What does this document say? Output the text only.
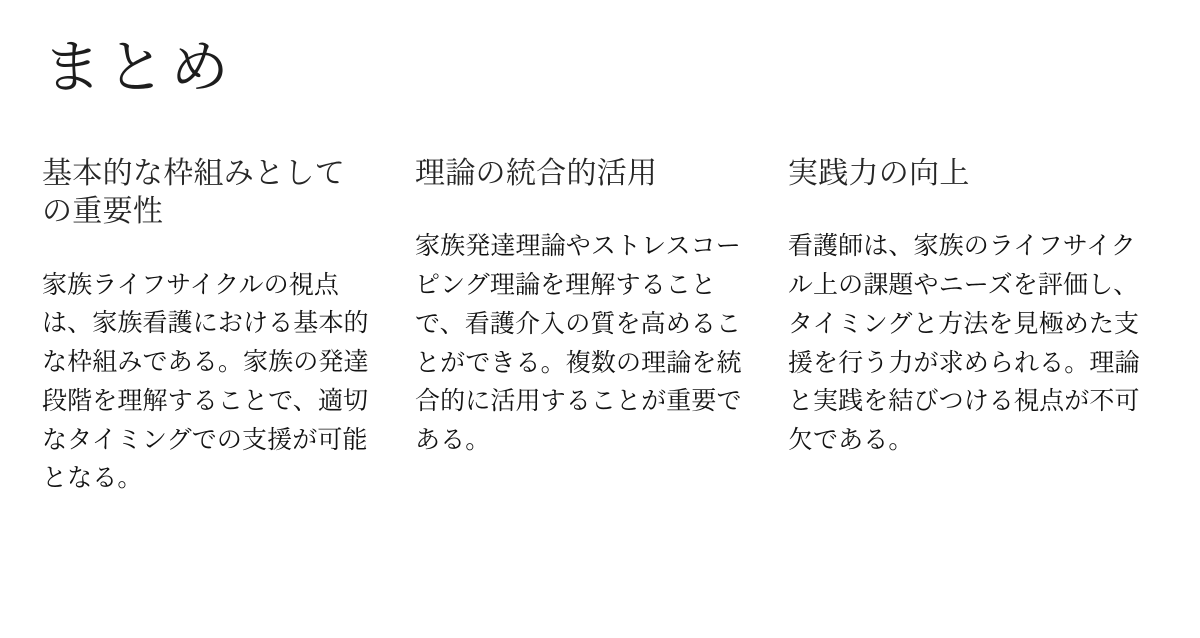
まとめ
基本的な枠組みとしての重要性

家族ライフサイクルの視点は、家族看護における基本的な枠組みである。家族の発達段階を理解することで、適切なタイミングでの支援が可能となる。

理論の統合的活用

家族発達理論やストレスコーピング理論を理解することで、看護介入の質を高めることができる。複数の理論を統合的に活用することが重要である。

実践力の向上

看護師は、家族のライフサイクル上の課題やニーズを評価し、タイミングと方法を見極めた支援を行う力が求められる。理論と実践を結びつける視点が不可欠である。
